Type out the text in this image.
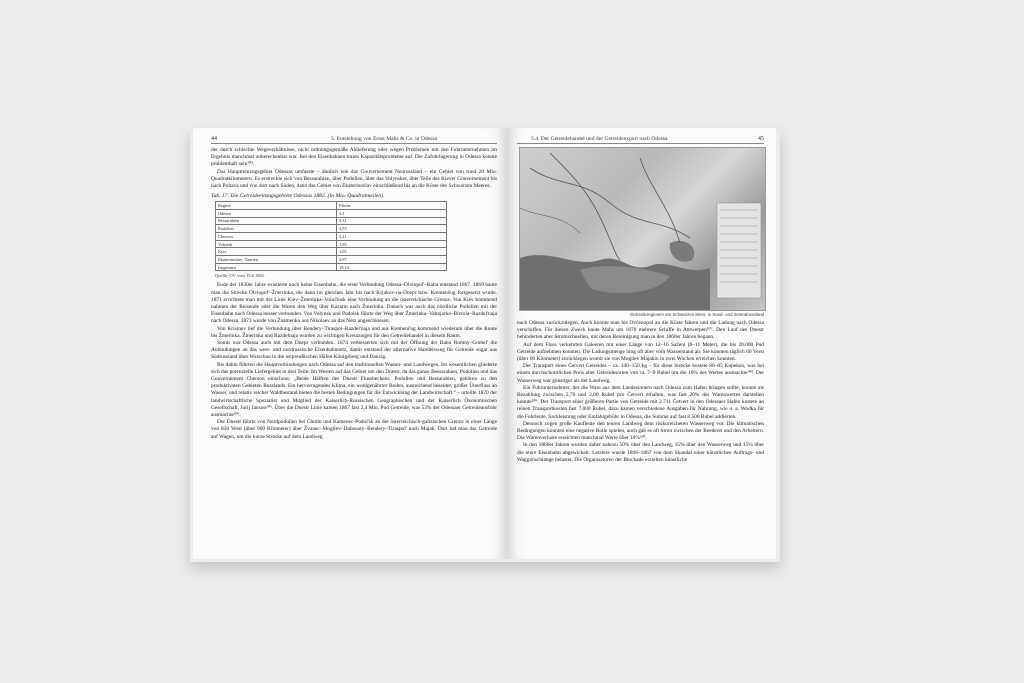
44	5. Entstehung von Ernst Mahs & Co. in Odessa

der durch schlechte Wegeverhältnisse, nicht ordnungsgemäße Ablieferung oder wegen Problemen mit den Fuhrunternehmen im Ergebnis manchmal unberechenbar war. Bei den Eisenbahnen traten Kapazitätsprobleme auf. Die Zufuhrlagerung in Odessa konnte problemhaft sein²⁰⁴.

Das Hauptreinzugsgebiet Odessas umfasste – ähnlich wie das Gouvernement Neurussland – ein Gebiet von rund 20 Mio. Quadratkilometern. Es erstreckte sich von Bessarabien, über Podolien, über das Volynsker, über Teile des Kiever Gouvernement bis nach Poltava und von dort nach Süden, dann das Gebiet von Ekaterinoslav einschließend bis an die Küste des Schwarzen Meeres.

Tab. 17. Die Getreideeinzugsgebiete Odessas 1882. (In Mio. Quadratmeilen).
Region	Fläche
Odessa	3,1
Bessarabien	3,31
Podolien	3,55
Cherson	3,21
Volynsk	1,95
Kiev	1,05
Ekaterinoslav- Taurien	2,97
Insgesamt	18,14
Quelle: OV vom 15.6.1882.

Ende der 1830er Jahre existierte noch keine Eisenbahn, die erste Verbindung Odessa–Olviopol'–Balta entstand 1867. 1869 baute man die Strecke Olviopol'–Žmerinka, die dann im gleichen Jahr bis nach Krjukov-na-Dnepr bzw. Kremenčug fortgesetzt wurde. 1871 errichtete man mit der Linie Kiev–Žmerinka–Voločinsk eine Verbindung an die österreichische Grenze. Von Kiev kommend nahmen der Reisende oder die Waren den Weg über Kazatin nach Žmerinka. Danach war auch das nördliche Podolien mit der Eisenbahn nach Odessa besser verbunden. Von Volynsk und Podolsk führte der Weg über Žmerinka–Vahnjarka–Birzula–Razdel'naja nach Odessa. 1873 wurde von Žnamenko aus Nikolaev an das Netz angeschlossen.

Von Krisinev lief die Verbindung über Bendery–Tiraspol–Razdel'naja und aus Kremenčug kommend wiederum über die Route bis Žmerinka. Žmerinka und Razdelnaja wurden zu wichtigen Kreuzungen für den Getreidehandel in diesem Raum.

Somit war Odessa auch mit dem Dnepr verbunden. 1874 verbesserten sich mit der Öffnung der Bahn Romny–Gomel' die Anbindungen an das west- und nordrussische Eisenbahnnetz, damit entstand der alternative Handelsweg für Getreide sogar aus Südrussland über Warschau in die ostpreußischen Häfen Königsberg und Danzig.

Bis dahin führten die Hauptverbindungen nach Odessa auf den traditionellen Wasser- und Landwegen. Im wesentlichen gliederte sich das potenzielle Liefergebiet in drei Teile: Im Westen auf das Gebiet um den Dnestr, da das ganze Bessarabien, Podolien und das Gouvernement Cherson einschoss: „Beide Hälften des Dnestr Flussbeckens, Podolien und Bessarabien, gehören zu den produktivsten Gebieten Russlands. Ein hervorragendes Klima, ein wohlgenährter Boden, ausreichend beseidet, großer Überfluss an Wasser, und relativ reicher Waldbestand bieten die besten Bedingungen für die Entwicklung der Landwirtschaft.“ – urteilte 1870 der landwirtschaftliche Spezialist und Mitglied der Kaiserlich-Russischen Geographischen und der Kaiserlich Ökonomischen Gesellschaft, Jurij Janson²⁰⁵. Über die Dnestr Linie kamen 1867 fast 2,4 Mio. Pud Getreide, was 53% der Odessaer Getreideausfuhr ausmachte²⁰⁶.

Der Dnestr führte von Nordpodolien bei Chotin und Kamenec-Podol'sk an der österreichisch-galizischen Grenze in einer Länge von 830 Verst (über 900 Kilometer) über Žvanec–Mogilev–Dubosary–Bendery–Tiraspol' nach Majak. Dort lud man das Getreide auf Wagen, um die kurze Strecke auf dem Landweg

5.4. Der Getreidehandel und der Getreideexport nach Odessa	45
Getreideregionen am Schwarzen Meer, in Sued- und Zentralrussland

nach Odessa zurückzulegen. Auch konnte man bis Ovčenopol an die Küste fahren und die Ladung nach Odessa verschiffen. Für diesen Zweck baute Mahs um 1870 mehrere Schiffe in Antwerpen²⁰⁷. Den Lauf des Dnestr behinderten aber Stromschnellen, mit deren Bereinigung man in den 1860er Jahren begann.

Auf dem Fluss verkehrten Galeeren mit einer Länge von 12–16 Saženi (8–11 Meter), die bis 20.000 Pud Getreide aufnehmen konnten. Die Ladungsmenge hing oft aber vom Wasserstand ab. Sie konnten täglich 60 Verst (über 60 Kilometer) zurücklegen womit sie von Mogilev Majakin in zwei Wochen erreichen konnten.

Der Transport eines Četvert Getreides – ca. 140–150 kg – für diese Strecke kostete 80–85 Kopeken, was bei einem durchschnittlichen Preis aller Getreidesorten von ca. 7–9 Rubel um die 10% des Wertes ausmachte²⁰⁸. Der Wasserweg war günstiger als der Landweg.

Ein Fuhrunternehmer, der die Ware aus dem Landesinnern nach Odessa zum Hafen bringen sollte, konnte als Bezahlung zwischen 2,70 und 2,80 Rubel pro Četvert erhalten, was fast 20% des Warenwertes darstellen konnte²⁰⁹. Der Transport einer größeren Partie von Getreide mit 2.711 Četvert in den Odessaer Hafen kostete an reinen Transportkosten fast 7.000 Rubel, dazu kamen verschiedene Ausgaben für Nahrung, wie u. a. Wodka für die Fuhrleute, Sackleistung oder Einfahrgebühr in Odessa, die Summe auf fast 8.500 Rubel addierten.

Dennoch zogen große Kaufleute den teuren Landweg dem risikoreicheren Wasserweg vor. Die klimatischen Bedingungen konnten eine negative Rolle spielen, auch gab es oft Streit zwischen der Reederei und den Arbeitern. Die Warenverluste erreichten manchmal Werte über 10%²¹⁰.

In den 1860er Jahren wurden daher nahezu 50% über den Landweg, 35% über den Wasserweg und 15% über die teure Eisenbahn abgewickelt. Letztere wurde 1866–1867 von dem Skandal einer künstlichen Auftrags- und Waggonschlange belastet. Die Organisatoren der Blockade erzielten künstliche
